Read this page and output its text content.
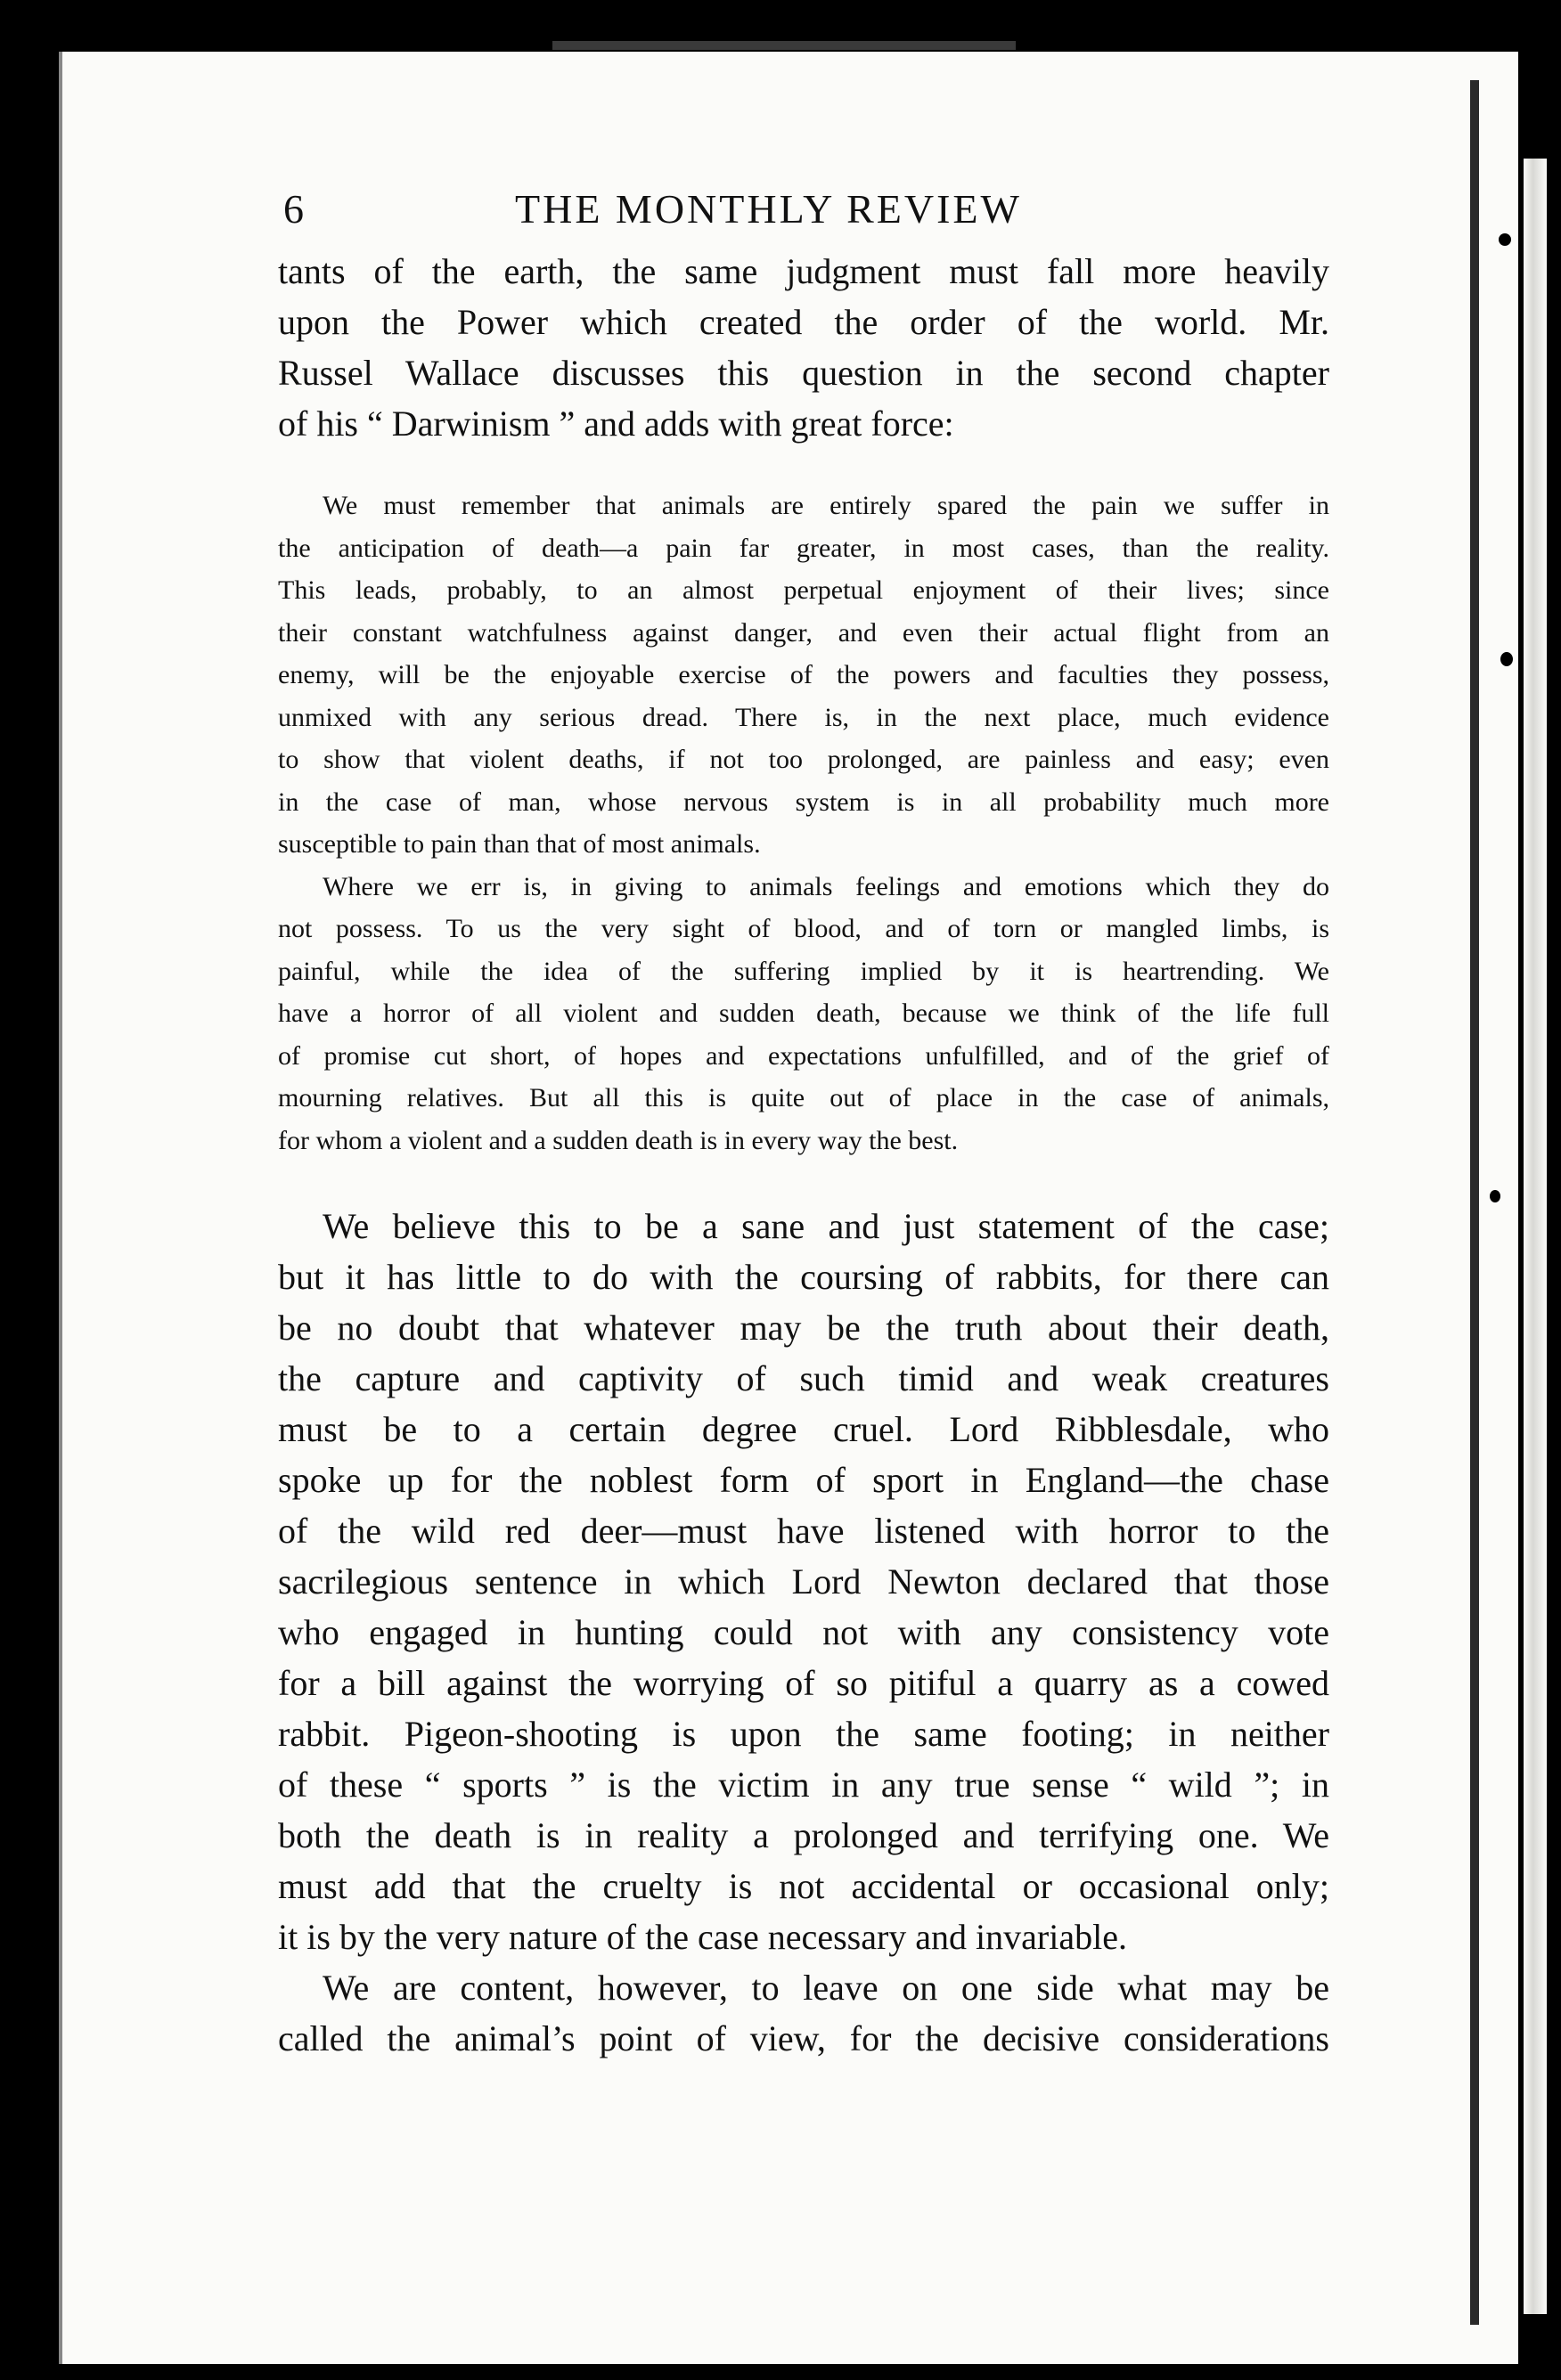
6	THE MONTHLY REVIEW
tants of the earth, the same judgment must fall more heavily
upon the Power which created the order of the world. Mr.
Russel Wallace discusses this question in the second chapter
of his “ Darwinism ” and adds with great force:
We must remember that animals are entirely spared the pain we suffer in
the anticipation of death—a pain far greater, in most cases, than the reality.
This leads, probably, to an almost perpetual enjoyment of their lives; since
their constant watchfulness against danger, and even their actual flight from an
enemy, will be the enjoyable exercise of the powers and faculties they possess,
unmixed with any serious dread. There is, in the next place, much evidence
to show that violent deaths, if not too prolonged, are painless and easy; even
in the case of man, whose nervous system is in all probability much more
susceptible to pain than that of most animals.
Where we err is, in giving to animals feelings and emotions which they do
not possess. To us the very sight of blood, and of torn or mangled limbs, is
painful, while the idea of the suffering implied by it is heartrending. We
have a horror of all violent and sudden death, because we think of the life full
of promise cut short, of hopes and expectations unfulfilled, and of the grief of
mourning relatives. But all this is quite out of place in the case of animals,
for whom a violent and a sudden death is in every way the best.
We believe this to be a sane and just statement of the case;
but it has little to do with the coursing of rabbits, for there can
be no doubt that whatever may be the truth about their death,
the capture and captivity of such timid and weak creatures
must be to a certain degree cruel. Lord Ribblesdale, who
spoke up for the noblest form of sport in England—the chase
of the wild red deer—must have listened with horror to the
sacrilegious sentence in which Lord Newton declared that those
who engaged in hunting could not with any consistency vote
for a bill against the worrying of so pitiful a quarry as a cowed
rabbit. Pigeon-shooting is upon the same footing; in neither
of these “ sports ” is the victim in any true sense “ wild ”; in
both the death is in reality a prolonged and terrifying one. We
must add that the cruelty is not accidental or occasional only;
it is by the very nature of the case necessary and invariable.
We are content, however, to leave on one side what may be
called the animal’s point of view, for the decisive considerations
